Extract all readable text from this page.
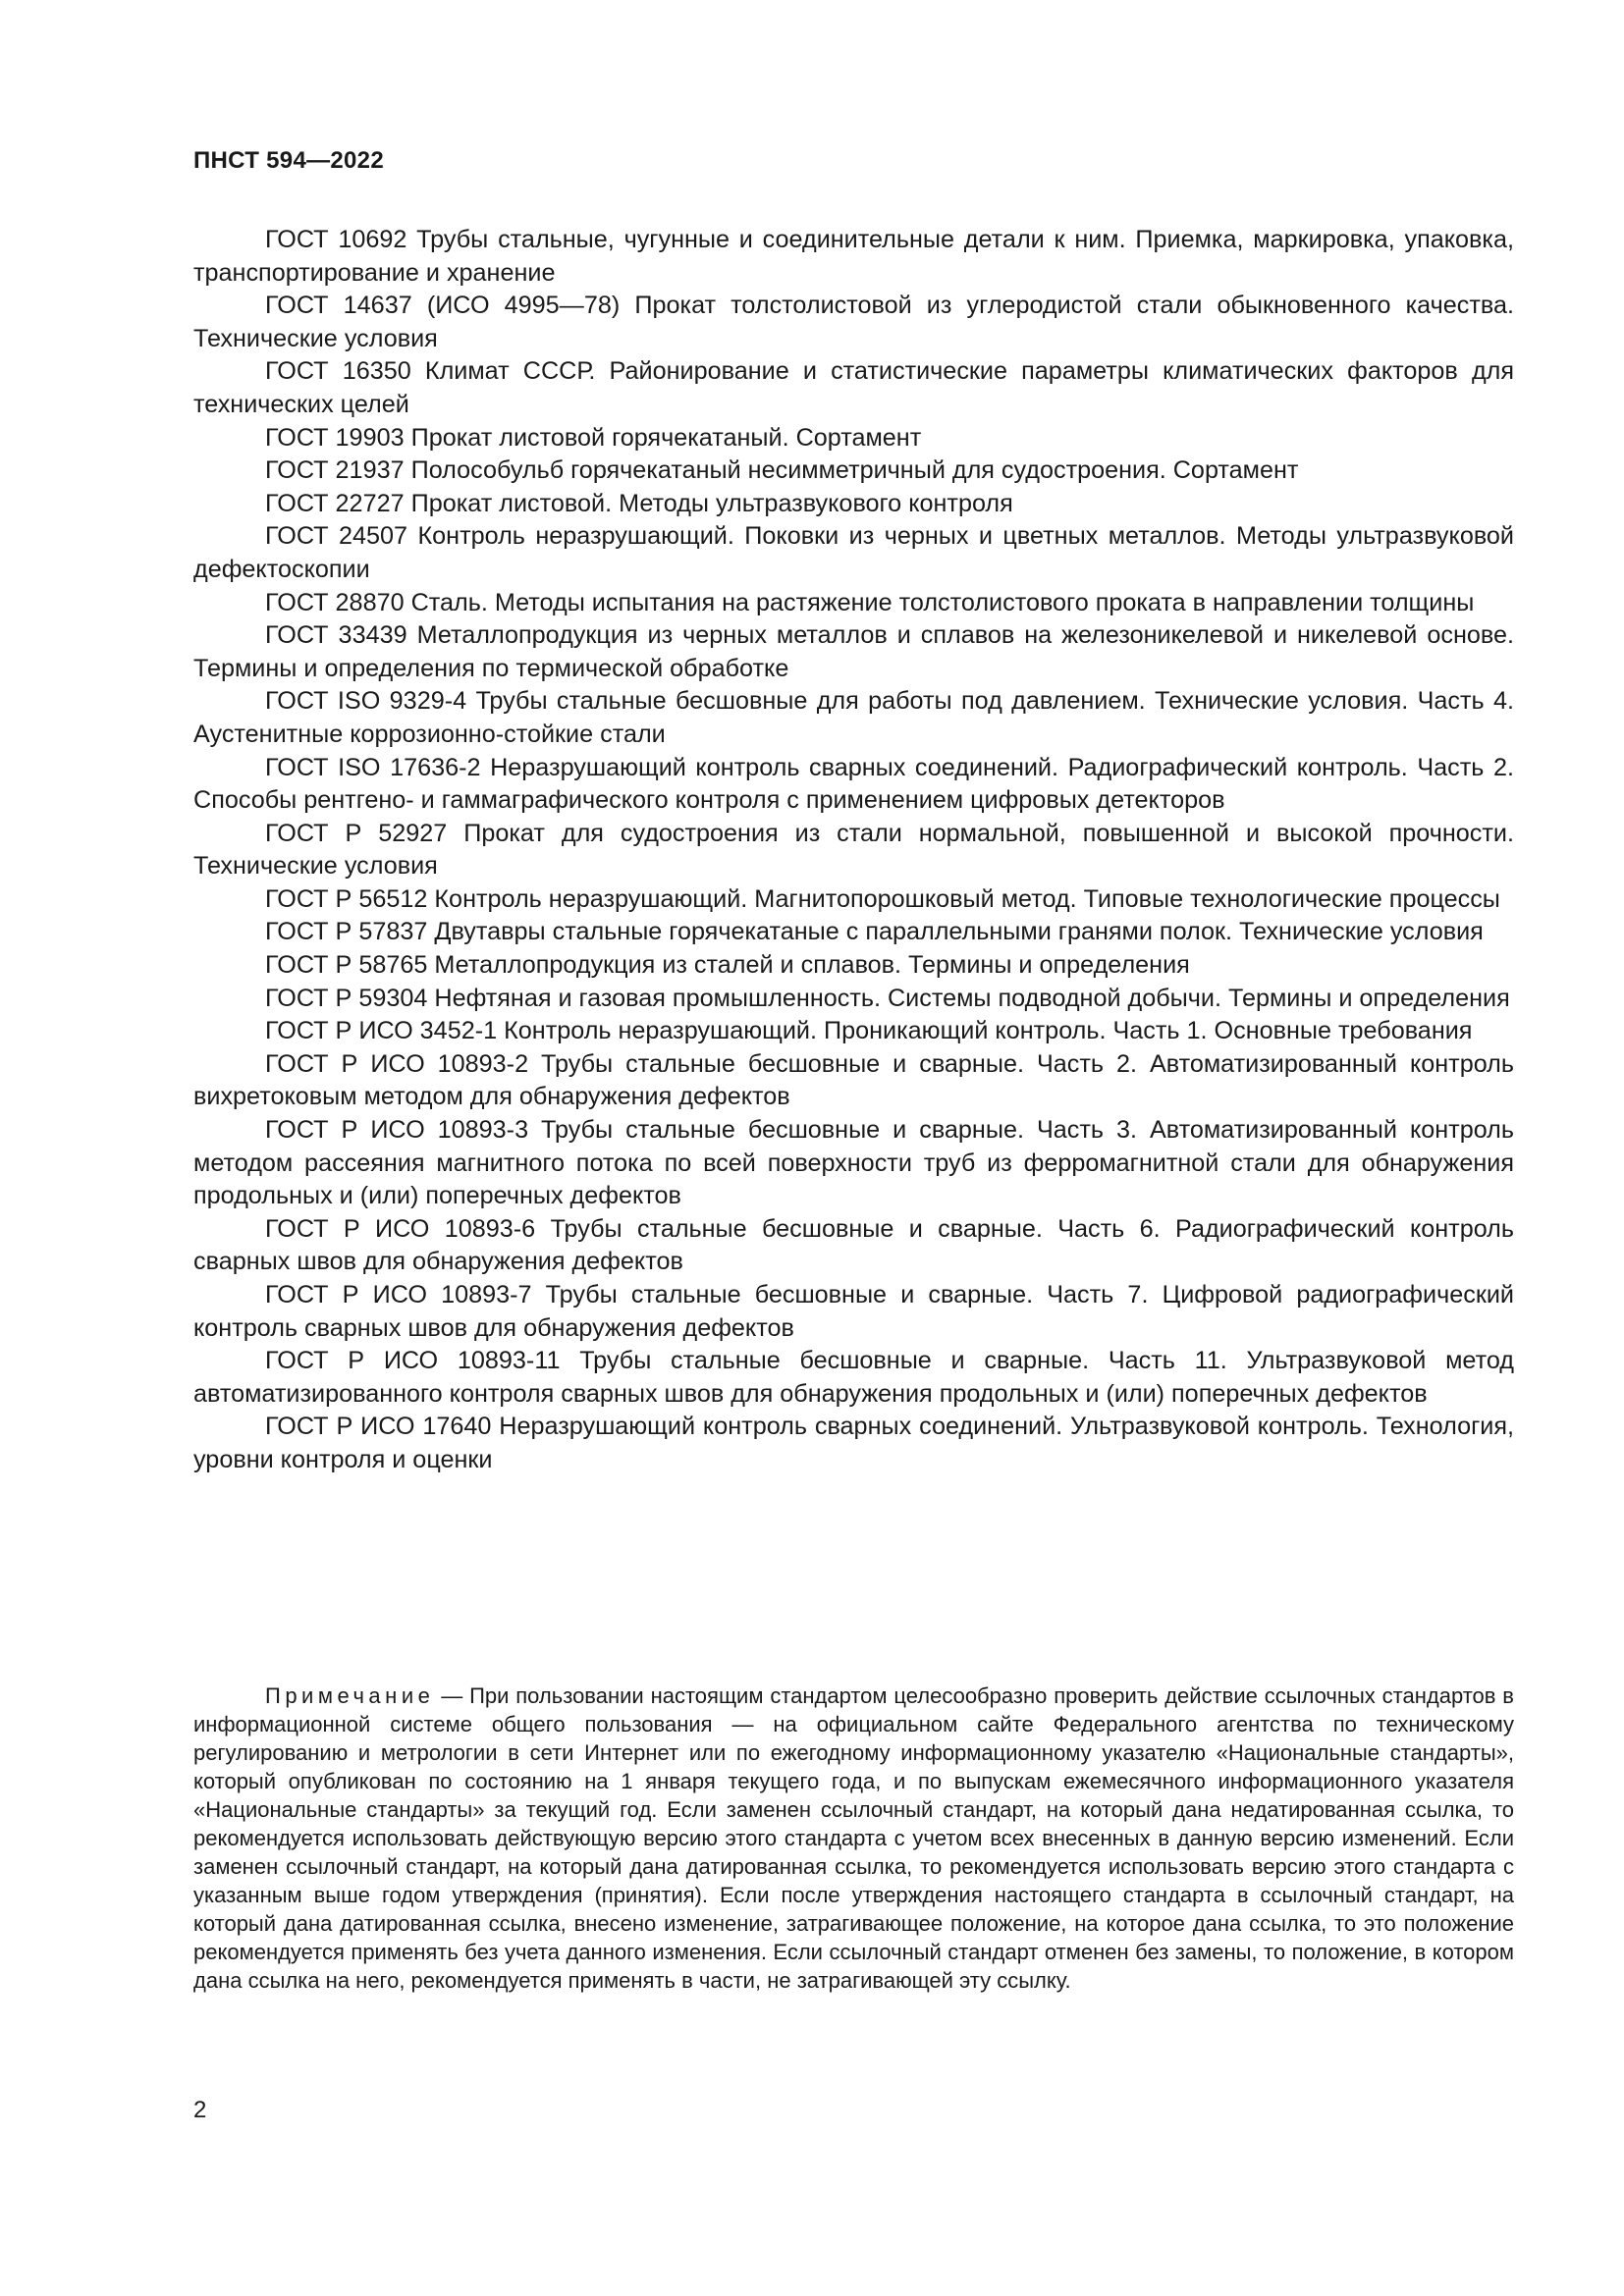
ПНСТ 594—2022

ГОСТ 10692 Трубы стальные, чугунные и соединительные детали к ним. Приемка, маркировка, упаковка, транспортирование и хранение

ГОСТ 14637 (ИСО 4995—78) Прокат толстолистовой из углеродистой стали обыкновенного качества. Технические условия

ГОСТ 16350 Климат СССР. Районирование и статистические параметры климатических факторов для технических целей

ГОСТ 19903 Прокат листовой горячекатаный. Сортамент

ГОСТ 21937 Полособульб горячекатаный несимметричный для судостроения. Сортамент

ГОСТ 22727 Прокат листовой. Методы ультразвукового контроля

ГОСТ 24507 Контроль неразрушающий. Поковки из черных и цветных металлов. Методы ультразвуковой дефектоскопии

ГОСТ 28870 Сталь. Методы испытания на растяжение толстолистового проката в направлении толщины

ГОСТ 33439 Металлопродукция из черных металлов и сплавов на железоникелевой и никелевой основе. Термины и определения по термической обработке

ГОСТ ISO 9329-4 Трубы стальные бесшовные для работы под давлением. Технические условия. Часть 4. Аустенитные коррозионно-стойкие стали

ГОСТ ISO 17636-2 Неразрушающий контроль сварных соединений. Радиографический контроль. Часть 2. Способы рентгено- и гаммаграфического контроля с применением цифровых детекторов

ГОСТ Р 52927 Прокат для судостроения из стали нормальной, повышенной и высокой прочности. Технические условия

ГОСТ Р 56512 Контроль неразрушающий. Магнитопорошковый метод. Типовые технологические процессы

ГОСТ Р 57837 Двутавры стальные горячекатаные с параллельными гранями полок. Технические условия

ГОСТ Р 58765 Металлопродукция из сталей и сплавов. Термины и определения

ГОСТ Р 59304 Нефтяная и газовая промышленность. Системы подводной добычи. Термины и определения

ГОСТ Р ИСО 3452-1 Контроль неразрушающий. Проникающий контроль. Часть 1. Основные требования

ГОСТ Р ИСО 10893-2 Трубы стальные бесшовные и сварные. Часть 2. Автоматизированный контроль вихретоковым методом для обнаружения дефектов

ГОСТ Р ИСО 10893-3 Трубы стальные бесшовные и сварные. Часть 3. Автоматизированный контроль методом рассеяния магнитного потока по всей поверхности труб из ферромагнитной стали для обнаружения продольных и (или) поперечных дефектов

ГОСТ Р ИСО 10893-6 Трубы стальные бесшовные и сварные. Часть 6. Радиографический контроль сварных швов для обнаружения дефектов

ГОСТ Р ИСО 10893-7 Трубы стальные бесшовные и сварные. Часть 7. Цифровой радиографический контроль сварных швов для обнаружения дефектов

ГОСТ Р ИСО 10893-11 Трубы стальные бесшовные и сварные. Часть 11. Ультразвуковой метод автоматизированного контроля сварных швов для обнаружения продольных и (или) поперечных дефектов

ГОСТ Р ИСО 17640 Неразрушающий контроль сварных соединений. Ультразвуковой контроль. Технология, уровни контроля и оценки

Примечание — При пользовании настоящим стандартом целесообразно проверить действие ссылочных стандартов в информационной системе общего пользования — на официальном сайте Федерального агентства по техническому регулированию и метрологии в сети Интернет или по ежегодному информационному указателю «Национальные стандарты», который опубликован по состоянию на 1 января текущего года, и по выпускам ежемесячного информационного указателя «Национальные стандарты» за текущий год. Если заменен ссылочный стандарт, на который дана недатированная ссылка, то рекомендуется использовать действующую версию этого стандарта с учетом всех внесенных в данную версию изменений. Если заменен ссылочный стандарт, на который дана датированная ссылка, то рекомендуется использовать версию этого стандарта с указанным выше годом утверждения (принятия). Если после утверждения настоящего стандарта в ссылочный стандарт, на который дана датированная ссылка, внесено изменение, затрагивающее положение, на которое дана ссылка, то это положение рекомендуется применять без учета данного изменения. Если ссылочный стандарт отменен без замены, то положение, в котором дана ссылка на него, рекомендуется применять в части, не затрагивающей эту ссылку.

2
